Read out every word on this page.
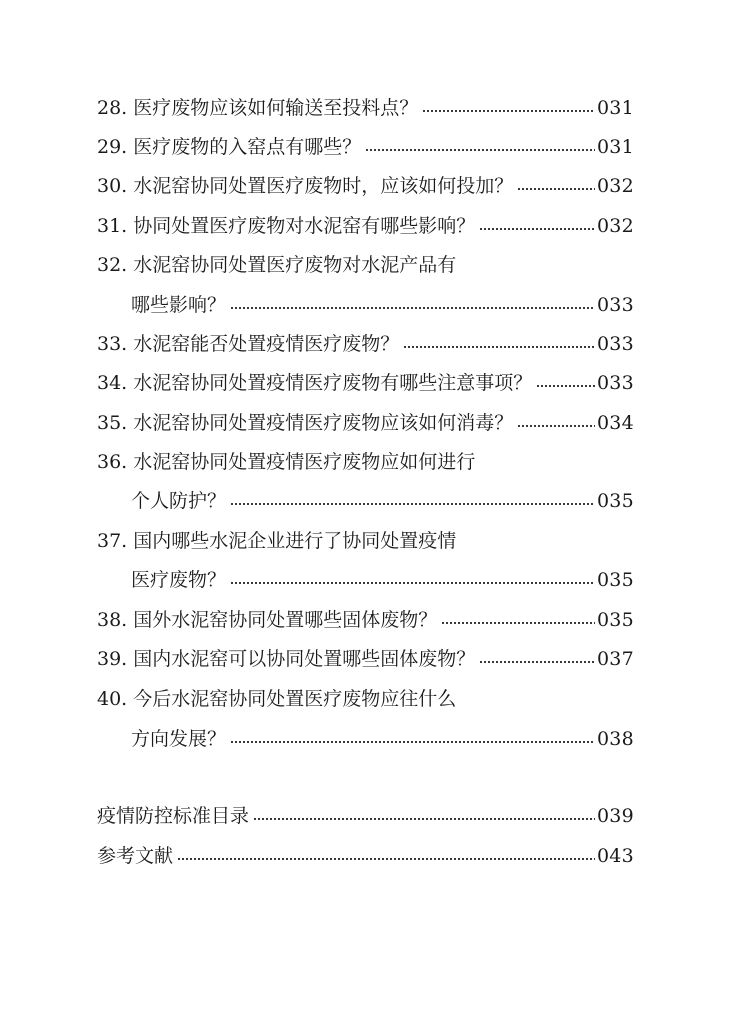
28. 医疗废物应该如何输送至投料点？	031
29. 医疗废物的入窑点有哪些？	031
30. 水泥窑协同处置医疗废物时，应该如何投加？	032
31. 协同处置医疗废物对水泥窑有哪些影响？	032
32. 水泥窑协同处置医疗废物对水泥产品有
哪些影响？	033
33. 水泥窑能否处置疫情医疗废物？	033
34. 水泥窑协同处置疫情医疗废物有哪些注意事项？	033
35. 水泥窑协同处置疫情医疗废物应该如何消毒？	034
36. 水泥窑协同处置疫情医疗废物应如何进行
个人防护？	035
37. 国内哪些水泥企业进行了协同处置疫情
医疗废物？	035
38. 国外水泥窑协同处置哪些固体废物？	035
39. 国内水泥窑可以协同处置哪些固体废物？	037
40. 今后水泥窑协同处置医疗废物应往什么
方向发展？	038
疫情防控标准目录	039
参考文献	043
